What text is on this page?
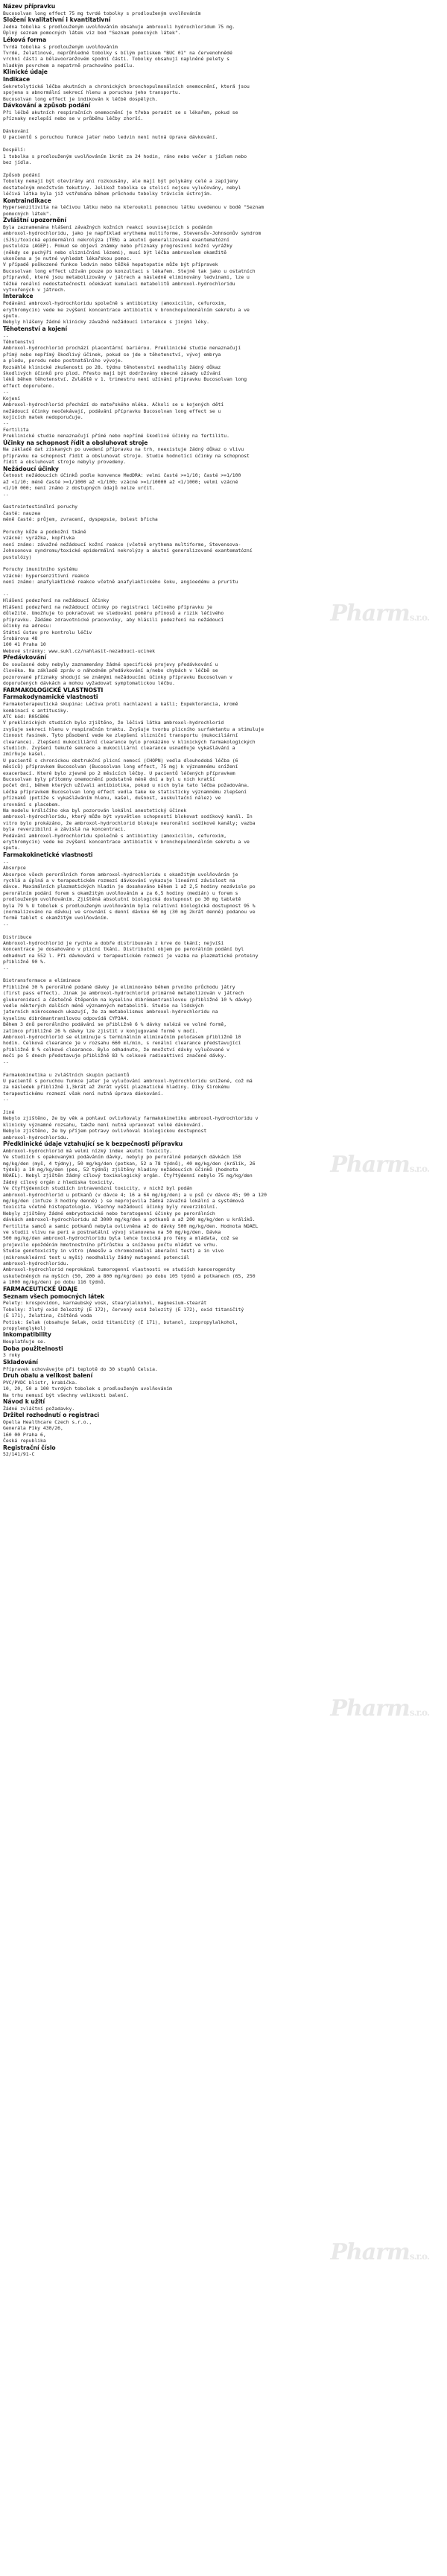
Název přípravku
Bucosolvan long effect 75 mg tvrdé tobolky s prodlouženým uvolňováním
Složení kvalitativní i kvantitativní
Jedna tobolka s prodlouženým uvolňováním obsahuje ambroxoli hydrochloridum 75 mg.
Úplný seznam pomocných látek viz bod "Seznam pomocných látek".
Léková forma
Tvrdá tobolka s prodlouženým uvolňováním
Tvrdé, želatinové, neprůhledné tobolky s bílým potiskem "BUC 01" na červenohnědé
vrchní části a bělavooranžovém spodní části. Tobolky obsahují naplněné pelety s
hladkým povrchem a nepatrně prachového podílu.
Klinické údaje
Indikace
Sekretolytická léčba akutních a chronických bronchopulmonálních onemocnění, která jsou
spojena s abnormální sekrecí hlenu a poruchou jeho transportu.
Bucosolvan long effect je indikován k léčbě dospělých.
Dávkování a způsob podání
Při léčbě akutních respiračních onemocnění je třeba poradit se s lékařem, pokud se
příznaky nezlepší nebo se v průběhu léčby zhorší.

Dávkování
U pacientů s poruchou funkce jater nebo ledvin není nutná úprava dávkování.

Dospělí:
1 tobolka s prodlouženým uvolňováním 1krát za 24 hodin, ráno nebo večer s jídlem nebo
bez jídla.

Způsob podání
Tobolky nemají být otevírány ani rozkousány, ale mají být polykány celé a zapíjeny
dostatečným množstvím tekutiny. Jelikož tobolka se stolicí nejsou vylučovány, nebyl
léčivá látka byla již vstřebána během průchodu tobolky trávicím ústrojím.
Kontraindikace
Hypersenzitivita na léčivou látku nebo na kteroukoli pomocnou látku uvedenou v bodě "Seznam
pomocných látek".
Zvláštní upozornění
Byla zaznamenána hlášení závažných kožních reakcí souvisejících s podáním
ambroxol-hydrochloridu, jako je například erythema multiforme, Stevensův-Johnsonův syndrom
(SJS)/toxická epidermální nekrolýza (TEN) a akutní generalizovaná exantematózní
pustulóza (AGEP). Pokud se objeví známky nebo příznaky progresivní kožní vyrážky
(někdy se puchýři nebo slizničními lézemi), musí být léčba ambroxolem okamžitě
ukončena a je nutné vyhledat lékařskou pomoc.
V případě poškozené funkce ledvin nebo těžké hepatopatie může být přípravek
Bucosolvan long effect užíván pouze po konzultaci s lékařem. Stejně tak jako u ostatních
přípravků, které jsou metabolizovány v játrech a následně eliminovány ledvinami, lze u
těžké renální nedostatečnosti očekávat kumulaci metabolitů ambroxol-hydrochloridu
vytvořených v játrech.
Interakce
Podávání ambroxol-hydrochloridu společně s antibiotiky (amoxicilin, cefuroxim,
erythromycin) vede ke zvýšení koncentrace antibiotik v bronchopulmonálním sekretu a ve
sputu.
Nebyly hlášeny žádné klinicky závažné nežádoucí interakce s jinými léky.
Těhotenství a kojení
--
Těhotenství
Ambroxol-hydrochlorid prochází placentární bariérou. Preklinické studie nenaznačují
přímý nebo nepřímý škodlivý účinek, pokud se jde o těhotenství, vývoj embrya
a plodu, porodu nebo postnatálního vývoje.
Rozsáhlé klinické zkušenosti po 28. týdnu těhotenství neodhalily žádný důkaz
škodlivých účinků pro plod. Přesto mají být dodržovány obecné zásady užívání
léků během těhotenství. Zvláště v 1. trimestru není užívání přípravku Bucosolvan long
effect doporučeno.
--
Kojení
Ambroxol-hydrochlorid přechází do mateřského mléka. Ačkoli se u kojených dětí
nežádoucí účinky neočekávají, podávání přípravku Bucosolvan long effect se u
kojících matek nedoporučuje.
--
Fertilita
Preklinické studie nenaznačují přímé nebo nepřímé škodlivé účinky na fertilitu.
Účinky na schopnost řídit a obsluhovat stroje
Na základě dat získaných po uvedení přípravku na trh, neexistuje žádný důkaz o vlivu
přípravku na schopnost řídit a obsluhovat stroje. Studie hodnotící účinky na schopnost
řídit a obsluhovat stroje nebyly provedeny.
Nežádoucí účinky
Četnost nežádoucích účinků podle konvence MedDRA: velmi časté >=1/10; časté >=1/100
až <1/10; méně časté >=1/1000 až <1/100; vzácné >=1/10000 až <1/1000; velmi vzácné
<1/10 000; není známo z dostupných údajů nelze určit.
--

Gastrointestinální poruchy
časté: nauzea
méně časté: průjem, zvracení, dyspepsie, bolest břicha

Poruchy kůže a podkožní tkáně
vzácné: vyrážka, kopřivka
není známo: závažné nežádoucí kožní reakce (včetně erythema multiforme, Stevensova-
Johnsonova syndromu/toxické epidermální nekrolýzy a akutní generalizované exantematózní
pustulózy)

Poruchy imunitního systému
vzácné: hypersenzitivní reakce
není známo: anafylaktické reakce včetně anafylaktického šoku, angioedému a pruritu

--
Hlášení podezření na nežádoucí účinky
Hlášení podezření na nežádoucí účinky po registraci léčivého přípravku je
důležité. Umožňuje to pokračovat ve sledování poměru přínosů a rizik léčivého
přípravku. Žádáme zdravotnické pracovníky, aby hlásili podezření na nežádoucí
účinky na adresu:
Státní ústav pro kontrolu léčiv
Šrobárova 48
100 41 Praha 10
Webové stránky: www.sukl.cz/nahlasit-nezadouci-ucinek
Předávkování
Do současné doby nebyly zaznamenány žádné specifické projevy předávkování u
člověka. Na základě zpráv o náhodném předávkování a/nebo chybách v léčbě se
pozorované příznaky shodují se známými nežádoucími účinky přípravku Bucosolvan v
doporučených dávkách a mohou vyžadovat symptomatickou léčbu.
FARMAKOLOGICKÉ VLASTNOSTI
Farmakodynamické vlastnosti
Farmakoterapeutická skupina: Léčiva proti nachlazení a kašli; Expektorancia, kromě
kombinací s antitusiky.
ATC kód: R05CB06
V preklinických studiích bylo zjištěno, že léčivá látka ambroxol-hydrochlorid
zvyšuje sekreci hlenu v respiračním traktu. Zvyšuje tvorbu plicního surfaktantu a stimuluje
činnost řasinek. Tyto působení vede ke zlepšení slizniční transportu (mukociliární
clearance). Zlepšení mukociliární clearance bylo prokázáno v klinických farmakologických
studiích. Zvýšení tekuté sekrece a mukociliární clearance usnadňuje vykašlávání a
zmírňuje kašel.
U pacientů s chronickou obstrukční plicní nemocí (CHOPN) vedla dlouhodobá léčba (6
měsíců) přípravkem Bucosolvan (Bucosolvan long effect, 75 mg) k významnému snížení
exacerbací. Které bylo zjevné po 2 měsících léčby. U pacientů léčených přípravkem
Bucosolvan byly přítomny onemocnění podstatně méně dní a byl u nich kratší
počet dní, během kterých užívali antibiotika, pokud u nich byla tato léčba požadována.
Léčba přípravkem Bucosolvan long effect vedla take ke statisticky významnému zlepšení
příznaků (potíže s vykašláváním hlenu, kašel, dušnost, auskultační nález) ve
srovnání s placebem.
Na modelu králičího oka byl pozorován lokální anestetický účinek
ambroxol-hydrochloridu, který může být vysvětlen schopností blokovat sodíkový kanál. In
vitro bylo prokázáno, že ambroxol-hydrochlorid blokuje neuronální sodíkové kanály; vazba
byla reverzibilní a závislá na koncentraci.
Podávání ambroxol-hydrochloridu společně s antibiotiky (amoxicilin, cefuroxim,
erythromycin) vede ke zvýšení koncentrace antibiotik v bronchopulmonálním sekretu a ve
sputu.
Farmakokinetické vlastnosti
--
Absorpce
Absorpce všech perorálních forem ambroxol-hydrochloridu s okamžitým uvolňováním je
rychlá a úplná a v terapeutickém rozmezí dávkování vykazuje lineární závislost na
dávce. Maximálních plazmatických hladin je dosahováno během 1 až 2,5 hodiny nezávisle po
perorálním podání forem s okamžitým uvolňováním a za 6,5 hodiny (medián) u forem s
prodlouženým uvolňováním. Zjištěná absolutní biologická dostupnost po 30 mg tabletě
byla 79 % U tobolek s prodlouženým uvolňováním byla relativní biologická dostupnost 95 %
(normalizováno na dávku) ve srovnání s denní dávkou 60 mg (30 mg 2krát denně) podanou ve
formě tablet s okamžitým uvolňováním.
--

Distribuce
Ambroxol-hydrochlorid je rychle a dobře distribuován z krve do tkání; nejvíší
koncentrace je dosahováno v plicní tkáni. Distribuční objem po perorálním podání byl
odhadnut na 552 l. Při dávkování v terapeutickém rozmezí je vazba na plazmatické proteiny
přibližně 90 %.
--

Biotransformace a eliminace
Přibližně 30 % perorálně podané dávky je eliminováno během prvního průchodu játry
(first pass effect). Jinak je ambroxol-hydrochlorid primárně metabolizován v játrech
glukuronidací a částečně štěpením na kyselinu dibrómantranilovou (přibližně 10 % dávky)
vedle některých dalších méně významných metabolitů. Studie na lidských
jaterních mikrosomech ukazují, že za metabolismus ambroxol-hydrochloridu na
kyselinu dibrómantranilovou odpovídá CYP3A4.
Během 3 dnů perorálního podávání se přibližně 6 % dávky nalézá ve volné formě,
zatímco přibližně 26 % dávky lze zjistit v konjugované formě v moči.
Ambroxol-hydrochlorid se eliminuje s terminálním eliminačním poločasem přibližně 10
hodin. Celková clearance je v rozsahu 660 ml/min, s renální clearance představující
přibližně 8 % celkové clearance. Bylo odhadnuto, že množství dávky vylučované v
moči po 5 dnech představuje přibližně 83 % celkové radioaktivní značené dávky.
--

Farmakokinetika u zvláštních skupin pacientů
U pacientů s poruchou funkce jater je vylučování ambroxol-hydrochloridu snížené, což má
za následek přibližně 1,3krát až 2krát vyšší plazmatické hladiny. Díky širokému
terapeutickému rozmezí však není nutná úprava dávkování.
--

Jiné
Nebylo zjištěno, že by věk a pohlaví ovlivňovaly farmakokinetiku ambroxol-hydrochloridu v
klinicky významné rozsahu, takže není nutná upravovat velké dávkování.
Nebylo zjištěno, že by příjem potravy ovlivňoval biologickou dostupnost
ambroxol-hydrochloridu.
Předklinické údaje vztahující se k bezpečnosti přípravku
Ambroxol-hydrochlorid má velmi nízký index akutní toxicity.
Ve studiích s opakovanými podáváním dávky, nebyly po perorálně podaných dávkách 150
mg/kg/den (myš, 4 týdny), 50 mg/kg/den (potkan, 52 a 78 týdnů), 40 mg/kg/den (králík, 26
týdnů) a 10 mg/kg/den (pes, 52 týdnů) zjištěny hladiny nežádoucích účinků (hodnota
NOAEL). Nebyl zjištěn žádný cílový toxikologický orgán. Čtyřtýdenní nebylo 75 mg/kg/den
žádný cílový orgán z hlediska toxicity.
Ve čtyřtýdenních studiích intravenózní toxicity, v nichž byl podán
ambroxol-hydrochlorid u potkanů (v dávce 4; 16 a 64 mg/kg/den) a u psů (v dávce 45; 90 a 120
mg/kg/den (infuze 3 hodiny denně) ) se neprojevila žádná závažná lokální a systémová
toxicita včetně histopatologie. Všechny nežádoucí účinky byly reverzibilní.
Nebyly zjištěny žádné embryotoxické nebo teratogenní účinky po perorálních
dávkách ambroxol-hydrochloridu až 3000 mg/kg/den u potkanů a až 200 mg/kg/den u králíků.
Fertilita samců a samic potkanů nebyla ovlivněna až do dávky 500 mg/kg/den. Hodnota NOAEL
ve studii vlivu na peri a postnatální vývoj stanovena na 50 mg/kg/den. Dávka
500 mg/kg/den ambroxol-hydrochloridu byla lehce toxická pro fény a mláďata, což se
projevilo opožděním hmotnostního přírůstku a sníženou počtu mláďat ve vrhu.
Studie genotoxicity in vitro (Amesův a chromozomální aberační test) a in vivo
(mikronukleární test u myši) neodhalily žádný mutagenní potenciál
ambroxol-hydrochloridu.
Ambroxol-hydrochlorid neprokázal tumorogenní vlastnosti ve studiích kancerogenity
uskutečněných na myších (50, 200 a 800 mg/kg/den) po dobu 105 týdnů a potkanech (65, 250
a 1000 mg/kg/den) po dobu 116 týdnů.
FARMACEUTICKÉ ÚDAJE
Seznam všech pomocných látek
Pelety: krospovidon, karnaubský vosk, stearylalkohol, magnesium-stearát
Tobolky: žlutý oxid železitý (E 172), červený oxid železitý (E 172), oxid titaničitý
(E 171), želatina, čištěná voda
Potisk: šelak (obsahuje šelak, oxid titaničitý (E 171), butanol, izopropylalkohol,
propylenglykol)
Inkompatibility
Neuplatňuje se.
Doba použitelnosti
3 roky
Skladování
Přípravek uchovávejte při teplotě do 30 stupňů Celsia.
Druh obalu a velikost balení
PVC/PVDC blistr, krabička.
10, 20, 50 a 100 tvrdých tobolek s prodlouženým uvolňováním
Na trhu nemusí být všechny velikosti balení.
Návod k užití
Žádné zvláštní požadavky.
Držitel rozhodnutí o registraci
Opella Healthcare Czech s.r.o.,
Generála Píky 430/26,
160 00 Praha 6,
Česká republika
Registrační číslo
52/141/91-C
Pharms.r.o.
Pharms.r.o.
Pharms.r.o.
Pharms.r.o.
